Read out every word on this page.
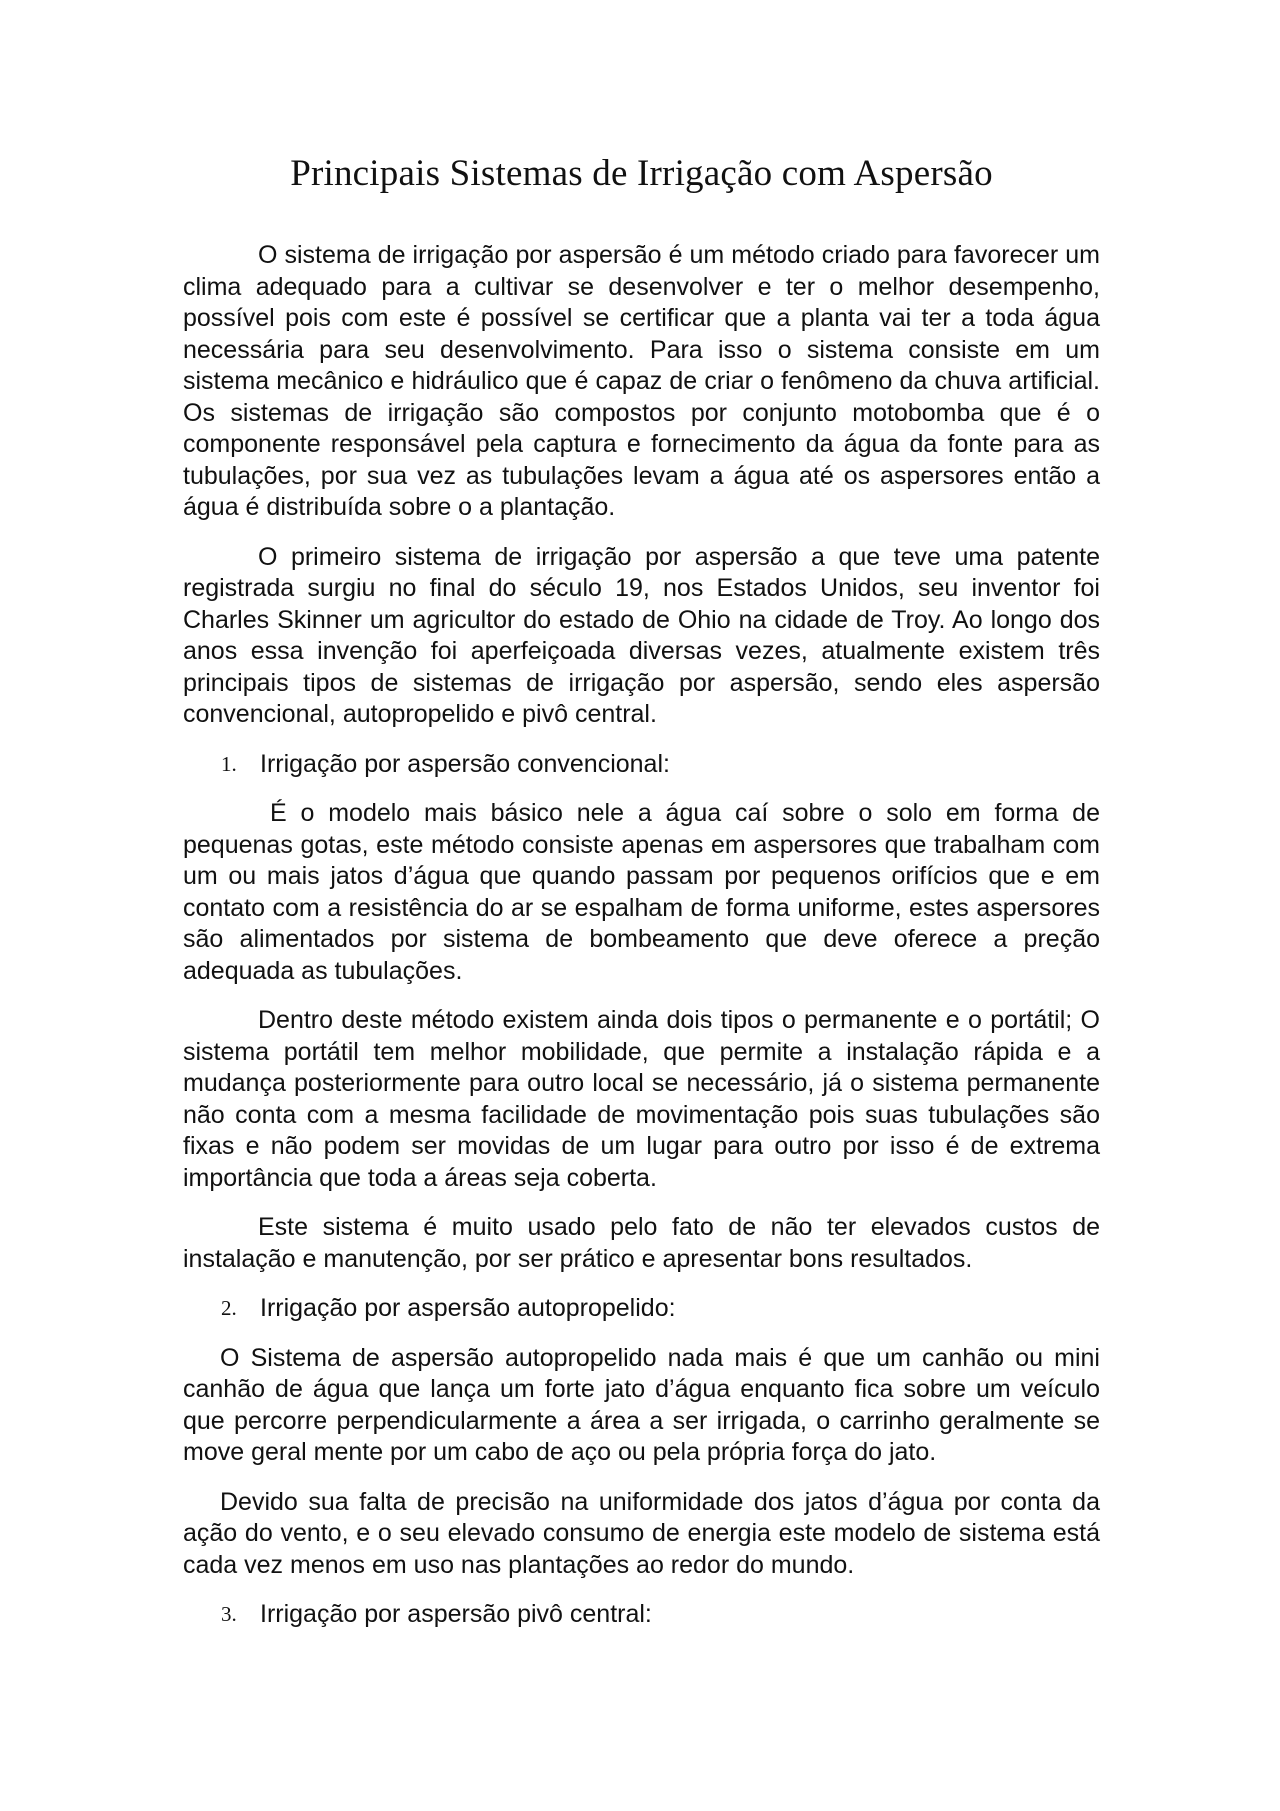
Principais Sistemas de Irrigação com Aspersão

O sistema de irrigação por aspersão é um método criado para favorecer um clima adequado para a cultivar se desenvolver e ter o melhor desempenho, possível pois com este é possível se certificar que a planta vai ter a toda água necessária para seu desenvolvimento. Para isso o sistema consiste em um sistema mecânico e hidráulico que é capaz de criar o fenômeno da chuva artificial. Os sistemas de irrigação são compostos por conjunto motobomba que é o componente responsável pela captura e fornecimento da água da fonte para as tubulações, por sua vez as tubulações levam a água até os aspersores então a água é distribuída sobre o a plantação.

O primeiro sistema de irrigação por aspersão a que teve uma patente registrada surgiu no final do século 19, nos Estados Unidos, seu inventor foi Charles Skinner um agricultor do estado de Ohio na cidade de Troy. Ao longo dos anos essa invenção foi aperfeiçoada diversas vezes, atualmente existem três principais tipos de sistemas de irrigação por aspersão, sendo eles aspersão convencional, autopropelido e pivô central.

1. Irrigação por aspersão convencional:

É o modelo mais básico nele a água caí sobre o solo em forma de pequenas gotas, este método consiste apenas em aspersores que trabalham com um ou mais jatos d’água que quando passam por pequenos orifícios que e em contato com a resistência do ar se espalham de forma uniforme, estes aspersores são alimentados por sistema de bombeamento que deve oferece a preção adequada as tubulações.

Dentro deste método existem ainda dois tipos o permanente e o portátil; O sistema portátil tem melhor mobilidade, que permite a instalação rápida e a mudança posteriormente para outro local se necessário, já o sistema permanente não conta com a mesma facilidade de movimentação pois suas tubulações são fixas e não podem ser movidas de um lugar para outro por isso é de extrema importância que toda a áreas seja coberta.

Este sistema é muito usado pelo fato de não ter elevados custos de instalação e manutenção, por ser prático e apresentar bons resultados.

2. Irrigação por aspersão autopropelido:

O Sistema de aspersão autopropelido nada mais é que um canhão ou mini canhão de água que lança um forte jato d’água enquanto fica sobre um veículo que percorre perpendicularmente a área a ser irrigada, o carrinho geralmente se move geral mente por um cabo de aço ou pela própria força do jato.

Devido sua falta de precisão na uniformidade dos jatos d’água por conta da ação do vento, e o seu elevado consumo de energia este modelo de sistema está cada vez menos em uso nas plantações ao redor do mundo.

3. Irrigação por aspersão pivô central:
